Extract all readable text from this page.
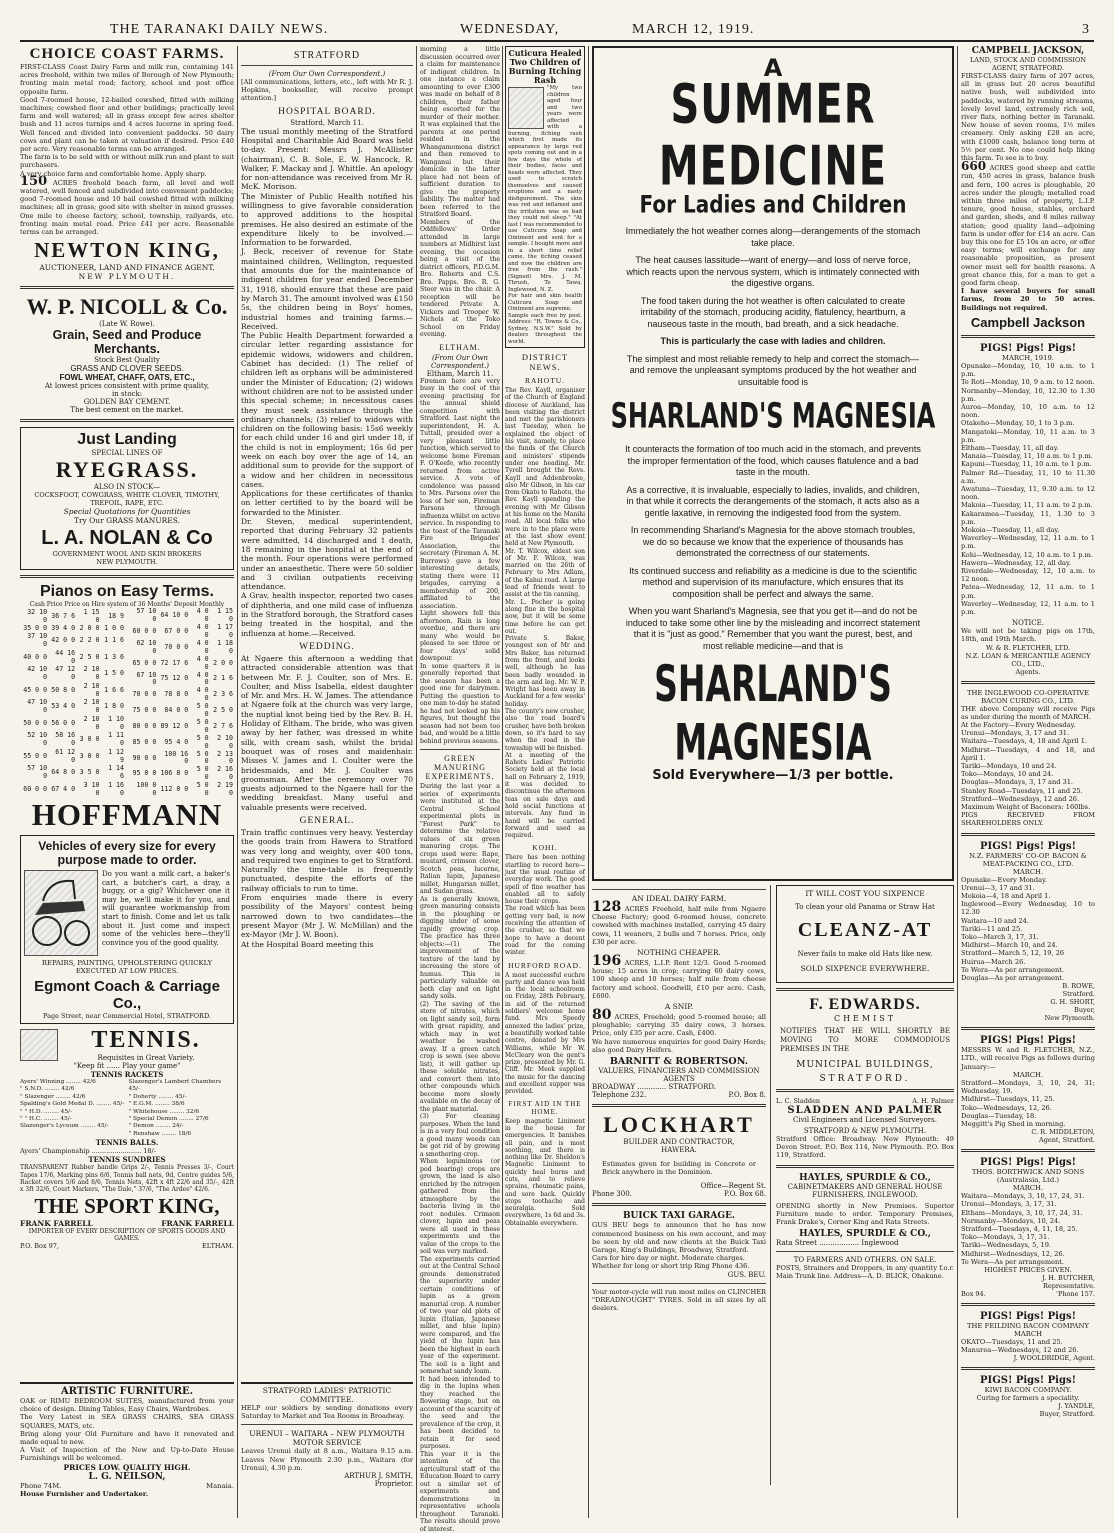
THE TARANAKI DAILY NEWS.	WEDNESDAY,	MARCH 12, 1919.	3
CHOICE COAST FARMS.

FIRST-CLASS Coast Dairy Farm and milk run, containing 141 acres freehold, within two miles of Borough of New Plymouth; fronting main metal road; factory, school and post office opposite farm.

Good 7-roomed house, 12-bailed cowshed, fitted with milking machines; cowshed floor and other buildings; practically level farm and well watered; all in grass except few acres shelter bush and 11 acres turnips and 4 acres lucerne in spring feed. Well fenced and divided into convenient paddocks. 50 dairy cows and plant can be taken at valuation if desired. Price £40 per acre. Very reasonable terms can be arranged.

The farm is to be sold with or without milk run and plant to suit purchasers.

A very choice farm and comfortable home. Apply sharp.

150 ACRES freehold beach farm, all level and well watered, well fenced and subdivided into convenient paddocks; good 7-roomed house and 10 bail cowshed fitted with milking machines; all in grass; good site with shelter in mixed grasses. One mile to cheese factory, school, township, railyards, etc. fronting main metal road. Price £41 per acre. Reasonable terms can be arranged.

NEWTON KING,
AUCTIONEER, LAND AND FINANCE AGENT,
NEW PLYMOUTH.
W. P. NICOLL & Co.
(Late W. Rowe).
Grain, Seed and Produce Merchants.
Stock Best Quality
GRASS AND CLOVER SEEDS.
FOWL WHEAT, CHAFF, OATS, ETC.,
At lowest prices consistent with prime quality,
in stock:
GOLDEN BAY CEMENT.
The best cement on the market.
Just Landing
SPECIAL LINES OF
RYEGRASS.
ALSO IN STOCK—
COCKSFOOT, COWGRASS, WHITE CLOVER, TIMOTHY, TREFOIL, RAPE, ETC.
Special Quotations for Quantities
Try Our GRASS MANURES.
L. A. NOLAN & Co
GOVERNMENT WOOL AND SKIN BROKERS
NEW PLYMOUTH.
Pianos on Easy Terms.
Cash Price Price on Hire system of 36 Months' Deposit Monthly
32 10 0	36 7 6	1 15 0	18 9
35 0 0	39 4 0	2 0 0	1 0 0
37 10 0	42 0 0	2 2 0	1 1 6
40 0 0	44 16 0	2 5 0	1 3 6
42 10 0	47 12 0	2 10 0	1 5 0
45 0 0	50 8 0	2 10 0	1 6 6
47 10 0	53 4 0	2 10 0	1 8 0
50 0 0	56 0 0	2 10 0	1 10 0
52 10 0	58 16 0	3 0 0	1 11 0
55 0 0	61 12 0	3 0 0	1 12 9
57 10 0	64 8 0	3 5 0	1 14 6
60 0 0	67 4 0	3 10 0	1 16 0
57 10 0	64 10 0	4 0 0	1 15 0
60 0 0	67 0 0	4 0 0	1 17 0
62 10 0	70 0 0	4 0 0	1 18 0
65 0 0	72 17 6	4 0 0	2 0 0
67 10 0	75 12 0	4 0 0	2 1 6
70 0 0	78 8 0	4 0 0	2 3 6
75 0 0	84 0 0	5 0 0	2 5 0
80 0 0	89 12 0	5 0 0	2 7 6
85 0 0	95 4 0	5 0 0	2 10 0
90 0 0	100 16 0	5 0 0	2 13 0
95 0 0	106 8 0	5 0 0	2 16 0
100 0 0	112 0 0	5 0 0	2 19 0
HOFFMANN
Vehicles of every size for every
purpose made to order.

Do you want a milk cart, a baker's cart, a butcher's cart, a dray, a buggy, or a gig? Whichever one it may be, we'll make it for you, and will guarantee workmanship from start to finish. Come and let us talk about it. Just come and inspect some of the vehicles here—they'll convince you of the good quality.

REPAIRS, PAINTING, UPHOLSTERING QUICKLY EXECUTED AT LOW PRICES.
Egmont Coach & Carriage Co.,
Page Street, near Commercial Hotel, STRATFORD.
TENNIS.
Requisites in Great Variety.
"Keep fit ...... Play your game"
TENNIS RACKETS
Ayers' Winning ........ 42/6
" S.N.D. ........ 42/6
" Slazenger ........ 42/6
Spalding's Gold Medal D. ........ 45/-
" " H.D. ........ 45/-
" " H.C. ........ 45/-
Slazenger's Lyceum ........ 45/-
Slazenger's Lambert Chambers 45/-
" Doherty ........ 45/-
" E.G.M. ........ 38/6
" Whitehouse ........ 32/6
" Special Demon ........ 27/6
" Demon ........ 24/-
" Renshaw ........ 18/6
TENNIS BALLS.
Ayers' Championship ........................ 18/-
TENNIS SUNDRIES

TRANSPARENT Rubber handle Grips 2/-, Tennis Presses 3/-, Court Tapes 17/6, Marking pins 6/6, Tennis ball nets, 9d, Centre guides 5/6, Racket covers 5/6 and 8/6, Tennis Nets, 42ft x 4ft 22/6 and 35/-, 42ft x 3ft 32/6, Court Markers, "The Dale," 37/6, "The Ardee" 42/6.

THE SPORT KING,
FRANK FARRELL	FRANK FARRELL
IMPORTER OF EVERY DESCRIPTION OF SPORTS GOODS AND GAMES.
P.O. Box 97,	ELTHAM.
STRATFORD
(From Our Own Correspondent.)

[All communications, letters, etc., left with Mr R. J. Hopkins, bookseller, will receive prompt attention.]

HOSPITAL BOARD.
Stratford, March 11.

The usual monthly meeting of the Stratford Hospital and Charitable Aid Board was held to-day. Present: Messrs J. McAllister (chairman), C. B. Sole, E. W. Hancock, R. Walker, F. Mackay and J. Whittle. An apology for non-attendance was received from Mr R. McK. Morison.

The Minister of Public Health notified his willingness to give favorable consideration to approved additions to the hospital premises. He also desired an estimate of the expenditure likely to be involved.—Information to be forwarded.

J. Beck, receiver of revenue for State maintained children, Wellington, requested that amounts due for the maintenance of indigent children for year ended December 31, 1918, should ensure that these are paid by March 31. The amount involved was £150 5s, the children being in Boys' homes, industrial homes and training farms.—Received.

The Public Health Department forwarded a circular letter regarding assistance for epidemic widows, widowers and children. Cabinet has decided: (1) The relief of children left as orphans will be administered under the Minister of Education; (2) widows without children are not to be assisted under this special scheme; in necessitous cases they must seek assistance through the ordinary channels; (3) relief to widows with children on the following basis: 15s6 weekly for each child under 16 and girl under 18, if the child is not in employment; 16s 6d per week on each boy over the age of 14, an additional sum to provide for the support of a widow and her children in necessitous cases.

Applications for these certificates of thanks on letter certified to by the board will be forwarded to the Minister.

Dr. Steven, medical superintendent, reported that during February 32 patients were admitted, 14 discharged and 1 death, 18 remaining in the hospital at the end of the month. Four operations were performed under an anaesthetic. There were 50 soldier and 3 civilian outpatients receiving attendance.

A Grav, health inspector, reported two cases of diphtheria, and one mild case of influenza in the Stratford borough, the Stratford cases being treated in the hospital, and the influenza at home.—Received.

WEDDING.

At Ngaere this afternoon a wedding that attracted considerable attention was that between Mr. F. J. Coulter, son of Mrs. E. Coulter, and Miss Isabella, eldest daughter of Mr. and Mrs. H. W. James. The attendance at Ngaere folk at the church was very large, the nuptial knot being tied by the Rev. B. H. Holiday of Eltham. The bride, who was given away by her father, was dressed in white silk, with cream sash, whilst the bridal bouquet was of roses and maidenhair. Misses V. James and I. Coulter were the bridesmaids, and Mr. J. Coulter was groomsman. After the ceremony over 70 guests adjourned to the Ngaere hall for the wedding breakfast. Many useful and valuable presents were received.

GENERAL.

Train traffic continues very heavy. Yesterday the goods train from Hawera to Stratford was very long and weighty, over 400 tons, and required two engines to get to Stratford. Naturally the time-table is frequently punctuated, despite the efforts of the railway officials to run to time.

From enquiries made there is every possibility of the Mayors' contest being narrowed down to two candidates—the present Mayor (Mr J. W. McMillan) and the ex-Mayor (Mr J. W. Boon).

At the Hospital Board meeting this

ARTISTIC FURNITURE.

OAK or RIMU BEDROOM SUITES, manufactured from your choice of design. Dining Tables, Easy Chairs, Wardrobes.

The Very Latest in SEA GRASS CHAIRS, SEA GRASS SQUARES, MATS, etc.

Bring along your Old Furniture and have it renovated and made equal to new.

A Visit of Inspection of the New and Up-to-Date House Furnishings will be welcomed.

PRICES LOW. QUALITY HIGH.
L. G. NEILSON,
Phone 74M.	Manaia.
House Furnisher and Undertaker.
STRATFORD LADIES' PATRIOTIC COMMITTEE.

HELP our soldiers by sending donations every Saturday to Market and Tea Rooms in Broadway.

URENUI – WAITARA – NEW PLYMOUTH MOTOR SERVICE

Leaves Urenui daily at 8 a.m., Waitara 9.15 a.m. Leaves New Plymouth 2.30 p.m., Waitara (for Urenui), 4.30 p.m.

ARTHUR J. SMITH,
Proprietor.

morning a little discussion occurred over a claim for maintenance of indigent children. In one instance a claim amounting to over £300 was made on behalf of 8 children, their father being escorted for the murder of their mother. It was explained that the parents at one period resided in the Whangamomona district and then removed to Wanganui but their domicile in the latter place had not been of sufficient duration to give the property liability. The matter had been referred to the Stratford Board.

Members of the Oddfellows' Order attended in large numbers at Midhirst last evening, the occasion being a visit of the district officers, P.D.G.M. Bro. Roberts and C.S. Bro. Papps. Bro. R. G. Steer was in the chair. A reception will be tendered Private A. Vickers and Trooper W. Nichols at the Toko School on Friday evening.

ELTHAM.
(From Our Own Correspondent.)
Eltham, March 11.

Firemen here are very busy in the cool of the evening practising for the annual shield competition with Stratford. Last night the superintendent, H. A. Tuttall, presided over a very pleasant little function, which served to welcome home Fireman F. O'Keefe, who recently returned from active service. A vote of condolence was passed to Mrs. Parsons over the loss of her son, Fireman Parsons through influenza whilst on active service. In responding to the toast of the Taranaki Fire Brigades' Association, the secretary (Fireman A. M. Burrows) gave a few interesting details, stating there were 11 brigades, carrying a membership of 200, affiliated to the association.

Light showers fell this afternoon. Rain is long overdue, and there are many who would be pleased to see three or four days' solid downpour.

In some quarters it is generally reported that the season has been a good one for dairymen. Putting the question to one man to-day he stated he had not looked up his figures, but thought the season had not been too bad, and would be a little behind previous seasons.

GREEN MANURING EXPERIMENTS.

During the last year a series of experiments were instituted at the Central School experimental plots in "Forest Park" to determine the relative values of six green manuring crops. The crops used were: Rape, mustard, crimson clover, Scotch peas, lucerne, Italian lupin, Japanese millet, Hungarian millet, and Sudan grass.

As is generally known, green manuring consists in the ploughing or digging under of some rapidly growing crop. The practice has three objects:—(1) The improvement of the texture of the land by increasing the store of humus. This is particularly valuable on both clay and on light sandy soils.

(2) The saving of the store of nitrates, which on light sandy soil, form with great rapidity, and which may in wet weather be washed away. If a green catch crop is sown (see above list), it will gather up these soluble nitrates, and convert them into other compounds which become more slowly available on the decay of the plant material.

(3) For cleaning purposes. When the land is in a very foul condition a good many weeds can be got rid of by growing a smothering crop.

When leguminous (or pod bearing) crops are grown, the land is also enriched by the nitrogen gathered from the atmosphere by the bacteria living in the root nodules. Crimson clover, lupin and peas were all used in these experiments and the value of the crops to the soil was very marked.

The experiments carried out at the Central School grounds demonstrated the superiority under certain conditions of lupin as a green manurial crop. A number of two year old plots of lupin (Italian, Japanese millet, and blue lupin) were compared, and the yield of the lupin has been the highest in each year of the experiment. The soil is a light and somewhat sandy loam.

It had been intended to dig in the lupins when they reached the flowering stage, but on account of the scarcity of the seed and the prevalence of the crop, it has been decided to retain it for seed purposes.

This year it is the intention of the agricultural staff of the Education Board to carry out a similar set of experiments and demonstrations in representative schools throughout Taranaki. The results should prove of interest.

A
SUMMER MEDICINE
For Ladies and Children

Immediately the hot weather comes along—derangements of the stomach take place.

The heat causes lassitude—want of energy—and loss of nerve force, which reacts upon the nervous system, which is intimately connected with the digestive organs.

The food taken during the hot weather is often calculated to create irritability of the stomach, producing acidity, flatulency, heartburn, a nauseous taste in the mouth, bad breath, and a sick headache.

This is particularly the case with ladies and children.

The simplest and most reliable remedy to help and correct the stomach—and remove the unpleasant symptoms produced by the hot weather and unsuitable food is

SHARLAND'S MAGNESIA

It counteracts the formation of too much acid in the stomach, and prevents the improper fermentation of the food, which causes flatulence and a bad taste in the mouth.

As a corrective, it is invaluable, especially to ladies, invalids, and children, in that while it corrects the derangements of the stomach, it acts also as a gentle laxative, in removing the indigested food from the system.

In recommending Sharland's Magnesia for the above stomach troubles, we do so because we know that the experience of thousands has demonstrated the correctness of our statements.

Its continued success and reliability as a medicine is due to the scientific method and supervision of its manufacture, which ensures that its composition shall be perfect and always the same.

When you want Sharland's Magnesia, see that you get it—and do not be induced to take some other line by the misleading and incorrect statement that it is "just as good." Remember that you want the purest, best, and most reliable medicine—and that is

SHARLAND'S MAGNESIA
Sold Everywhere—1/3 per bottle.
AN IDEAL DAIRY FARM.

128 ACRES Freehold, half mile from Ngaere Cheese Factory; good 6-roomed house, concrete cowshed with machines installed, carrying 45 dairy cows, 11 weaners, 2 bulls and 7 horses. Price, only £30 per acre.

NOTHING CHEAPER.

196 ACRES, L.I.P. Rent 12/3. Good 5-roomed house; 15 acres in crop; carrying 60 dairy cows, 100 sheep and 10 horses; half mile from cheese factory and school. Goodwill, £10 per acre. Cash, £600.

A SNIP.

80 ACRES, Freehold; good 5-roomed house; all ploughable; carrying 35 dairy cows, 3 horses. Price, only £35 per acre. Cash, £400.

We have numerous enquiries for good Dairy Herds; also good Dairy Heifers.

BARNITT & ROBERTSON.
VALUERS, FINANCIERS AND COMMISSION AGENTS
BROADWAY ............. STRATFORD.
Telephone 232.	P.O. Box 8.
LOCKHART
BUILDER AND CONTRACTOR,
HAWERA.

Estimates given for building in Concrete or Brick anywhere in the Dominion.

Office—Regent St.
Phone 300.	P.O. Box 68.
BUICK TAXI GARAGE.

GUS BEU begs to announce that he has now commenced business on his own account, and may be seen by old and new clients at the Buick Taxi Garage, King's Buildings, Broadway, Stratford.

Cars for hire day or night. Moderate charges.

Whether for long or short trip Ring Phone 436.

GUS. BEU.

Your motor-cycle will run most miles on CLINCHER "DREADNOUGHT" TYRES. Sold in all sizes by all dealers.

IT WILL COST YOU SIXPENCE
To clean your old Panama or Straw Hat
CLEANZ-AT
Never fails to make old Hats like new.
SOLD SIXPENCE EVERYWHERE.
F. EDWARDS.
CHEMIST

NOTIFIES THAT HE WILL SHORTLY BE MOVING TO MORE COMMODIOUS PREMISES IN THE

MUNICIPAL BUILDINGS,
STRATFORD.
L. C. Sladden	A. H. Palmer
SLADDEN AND PALMER
Civil Engineers and Licensed Surveyors.
STRATFORD & NEW PLYMOUTH.

Stratford Office: Broadway. New Plymouth: 49 Devon Street. P.O. Box 114, New Plymouth. P.O. Box 119, Stratford.

HAYLES, SPURDLE & CO.,
CABINETMAKERS AND GENERAL HOUSE FURNISHERS, INGLEWOOD.

OPENING shortly in New Premises. Superior Furniture made to order. Temporary Premises, Frank Drake's, Corner King and Rata Streets.

HAYLES, SPURDLE & CO.,
Rata Street .................. Inglewood
TO FARMERS AND OTHERS. ON SALE.

POSTS, Strainers and Droppers, in any quantity f.o.r. Main Trunk line. Address—A. D. BLICK, Ohakune.

CAMPBELL JACKSON,
LAND, STOCK AND COMMISSION AGENT, STRATFORD.

FIRST-CLASS dairy farm of 207 acres, all in grass but 20 acres beautiful native bush, well subdivided into paddocks, watered by running streams, lovely level land, extremely rich soil, river flats, nothing better in Taranaki. New house of seven rooms, 1½ miles creamery. Only asking £28 an acre, with £1000 cash, balance long term at 5½ per cent. No one could help liking this farm. To see is to buy.

660 ACRES good sheep and cattle run, 450 acres in grass, balance bush and fern, 100 acres is ploughable, 20 acres under the plough; metalled road within three miles of property, L.I.P. tenure, good house, stables, orchard and garden, sheds, and 8 miles railway station; good quality land—adjoining farm is under offer for £14 an acre. Can buy this one for £5 10s an acre, or offer easy terms; will exchange for any reasonable proposition, as present owner must sell for health reasons. A great chance this, for a man to get a good farm cheap.

I have several buyers for small farms, from 20 to 50 acres. Buildings not required.

Campbell Jackson
PIGS! Pigs! Pigs!
MARCH, 1919.
Opunake—Monday, 10, 10 a.m. to 1 p.m.
Te Roti—Monday, 10, 9 a.m. to 12 noon.
Normanby—Monday, 10, 12.30 to 1.30 p.m.
Auroa—Monday, 10, 10 a.m. to 12 noon.
Otakeho—Monday, 10, 1 to 3 p.m.
Mangatoki—Monday, 10, 11 a.m. to 3 p.m.
Eltham—Tuesday, 11, all day.
Manaia—Tuesday, 11, 10 a.m. to 1 p.m.
Kapuni—Tuesday, 11, 10 a.m. to 1 p.m.
Palmer Rd—Tuesday, 11, 10 to 11.30 a.m.
Awatuna—Tuesday, 11, 9.30 a.m. to 12 noon.
Makoia—Tuesday, 11, 11 a.m. to 2 p.m.
Kakaramea—Tuesday, 11, 1.30 to 3 p.m.
Mokoia—Tuesday, 11, all day.
Waverley—Wednesday, 12, 11 a.m. to 1 p.m.
Kohi—Wednesday, 12, 10 a.m. to 1 p.m.
Hawera—Wednesday, 12, all day.
Riverdale—Wednesday, 12, 10 a.m. to 12 noon.
Patea—Wednesday, 12, 11 a.m. to 1 p.m.
Waverley—Wednesday, 12, 11 a.m. to 1 p.m.
NOTICE.

We will not be taking pigs on 17th, 18th, and 19th March.

W. & R. FLETCHER, LTD.
N.Z. LOAN & MERCANTILE AGENCY CO., LTD.,
Agents.
THE INGLEWOOD CO-OPERATIVE BACON CURING CO., LTD.

THE above Company will receive Pigs as under during the month of MARCH.

At the Factory—Every Wednesday.
Urenui—Mondays, 3, 17 and 31.
Waitara—Tuesdays, 4, 18 and April 1.
Midhirst—Tuesdays, 4 and 18, and April 1.
Tariki—Mondays, 10 and 24.
Toko—Mondays, 10 and 24.
Douglas—Mondays, 3, 17 and 31.
Stanley Road—Tuesdays, 11 and 25.
Stratford—Wednesdays, 12 and 26.
Maximum Weight of Baconers: 160lbs.
PIGS RECEIVED FROM SHAREHOLDERS ONLY.
PIGS! Pigs! Pigs!
N.Z. FARMERS' CO-OP. BACON & MEAT-PACKING CO., LTD.
MARCH.
Opunake—Every Monday.
Urenui—3, 17 and 31.
Mokoia—4, 18 and April 1.
Inglewood—Every Wednesday, 10 to 12.30
Waitara—10 and 24.
Tariki—11 and 25.
Toko—March 3, 17, 31.
Midhirst—March 10, and 24.
Stratford—March 5, 12, 19, 26
Huirua—March 26.
Te Wera—As per arrangement.
Douglas—As per arrangement.
B. ROWE,
Stratford.
G. H. SHORT,
Buyer,
New Plymouth.
PIGS! Pigs! Pigs!

MESSRS W. and R. FLETCHER, N.Z., LTD., will receive Pigs as follows during January:—

MARCH.
Stratford—Mondays, 3, 10, 24, 31; Wednesday, 19.
Midhirst—Tuesdays, 11, 25.
Toko—Wednesdays, 12, 26.
Douglas—Tuesday, 18.
Meggitt's Pig Shed in morning.
C. R. MIDDLETON,
Agent, Stratford.
PIGS! Pigs! Pigs!
THOS. BORTHWICK AND SONS (Australasia, Ltd.)
MARCH.
Waitara—Mondays, 3, 10, 17, 24, 31.
Urenui—Mondays, 3, 17, 31.
Eltham—Mondays, 3, 10, 17, 24, 31.
Normanby—Mondays, 10, 24.
Stratford—Tuesdays, 4, 11, 18, 25.
Toko—Mondays, 3, 17, 31.
Tariki—Wednesdays, 5, 19.
Midhirst—Wednesdays, 12, 26.
Te Wera—As per arrangement.
HIGHEST PRICES GIVEN.
J. H. BUTCHER,
Representative.
Box 94.	'Phone 157.
PIGS! Pigs! Pigs!
THE FEILDING BACON COMPANY
MARCH
OKATO—Tuesdays, 11 and 25.
Manurea—Wednesdays, 12 and 26.
J. WOOLDRIDGE, Agent.
PIGS! Pigs! Pigs!
KIWI BACON COMPANY.
Curing for farmers a speciality.
J. YANDLE,
Buyer, Stratford.
Cuticura Healed Two Children of Burning Itching Rash

"My two children aged four and two years were affected with a burning, itching rash which first made its appearance by large red spots coming out and in a few days the whole of their bodies, faces and heads were affected. They used to scratch themselves and caused eruptions and a nasty disfigurement. The skin was red and inflamed and the irritation was so bad they could not sleep." "At last I was recommended to use Cuticura Soap and Ointment and sent for a sample. I bought more and in a short time relief came, the itching ceased and now the children are free from the rash." (Signed) Mrs. J. M. Thrush, Te Tawa, Inglewood, N. Z.

For hair and skin health Cuticura Soap and Ointment are supreme.

Sample each free by post. Address: "R. Towns & Co., Sydney, N.S.W." Sold by dealers throughout the world.

DISTRICT NEWS.
RAHOTU.

The Rev. Kayll, organiser of the Church of England diocese of Auckland, has been visiting the district and met the parishioners last Tuesday, when he explained the object of his visit, namely, to place the funds of the Church and ministers' stipends under one heading. Mr. Tyrell brought the Revs. Kayll and Addenbrooke, also Mr Gibson, in his car from Okato to Rahotu, the Rev. Kayll spending the evening with Mr Gibson at his home on the Manihi road. All local folks who were in to the place were at the last show event held at New Plymouth.

Mr. T. Wilcox, eldest son of Mr. F. Wilcox, was married on the 26th of February to Mrs Adlam, of the Kahui road. A large load of friends went to assist at the tin canning.

Mr. L. Pocher is going along fine in the hospital now, but it will be some time before he can get out.

Private S. Baker, youngest son of Mr and Mrs Baker, has returned from the front, and looks well, although he has been badly wounded in the arm and leg. Mr. W. P. Wright has been away in Auckland for a few weeks' holiday.

The county's new crusher, also the road board's crusher, have both broken down, so it's hard to say when the road in the township will be finished.

At a meeting of the Rahotu Ladies' Patriotic Society held at the local hall on February 2, 1919, it was decided to discontinue the afternoon teas on sale days and hold social functions at intervals. Any fund in hand will be carried forward and used as required.

KOHI.

There has been nothing startling to record here—just the usual routine of everyday work. The good spell of fine weather has enabled all to safely house their crops.

The road which has been getting very bad, is now receiving the attention of the crusher, so that we hope to have a decent road for the coming winter.

HURFORD ROAD.

A most successful euchre party and dance was held in the local schoolroom on Friday, 28th February, in aid of the returned soldiers' welcome home fund. Mrs Speedy annexed the ladies' prize, a beautifully worked table centre, donated by Mrs Williams, while Mr W. McCleary won the gent's prize, presented by Mr. G. Cliff. Mr. Meek supplied the music for the dancing and excellent supper was provided.

FIRST AID IN THE HOME.

Keep magnetic Liniment in the house for emergencies. It banishes all pain, and is most soothing, and there is nothing like Dr. Sheldon's Magnetic Liniment to quickly heal burns and cuts, and to relieve sprains, rheumatic pains, and sore back. Quickly stops toothache and neuralgia. Sold everywhere, 1s 6d and 3s. Obtainable everywhere.
